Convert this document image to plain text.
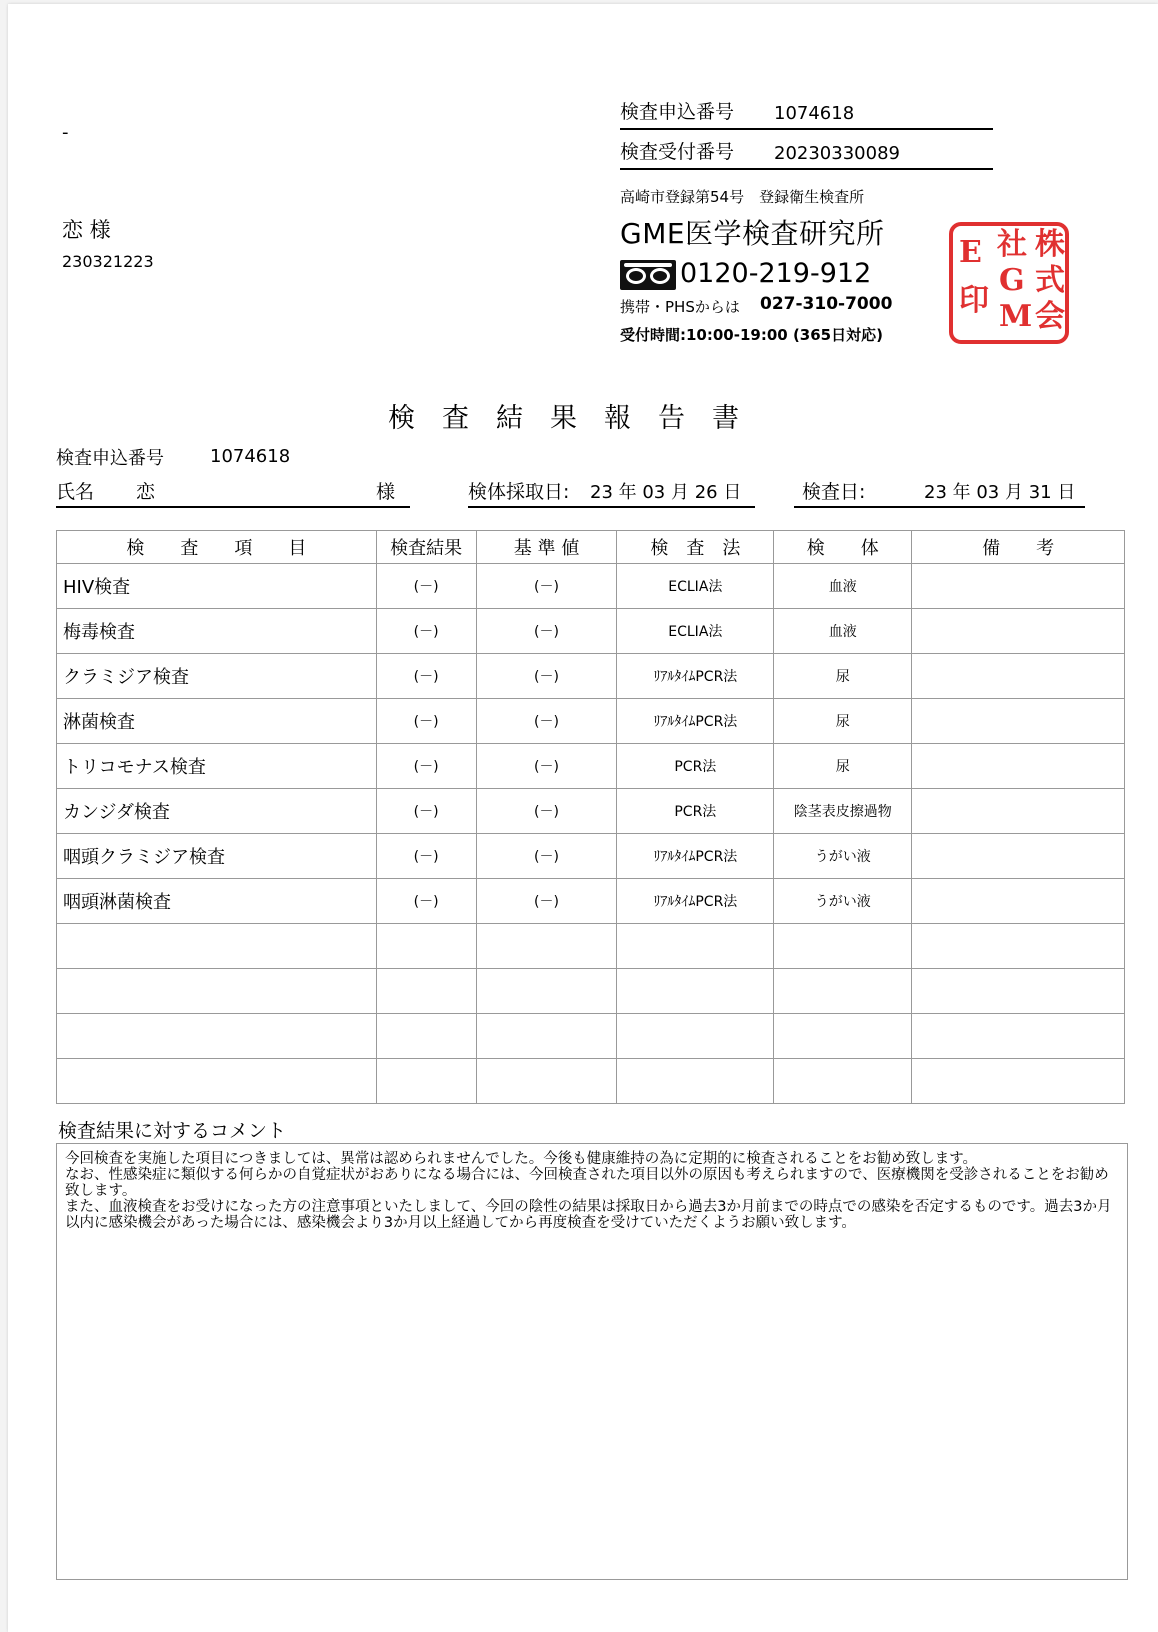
-
恋 様
230321223
検査申込番号 1074618
検査受付番号 20230330089
高崎市登録第54号　登録衛生検査所
GME医学検査研究所
0120-219-912
携帯・PHSからは 027-310-7000
受付時間:10:00-19:00 (365日対応)
株
式
会
社
G
M
E
印
検査結果報告書
検査申込番号	1074618
氏名 恋	様	検体採取日: 23 年 03 月 26 日	検査日:	23 年 03 月 31 日
検　　査　　項　　目	検査結果	基 準 値	検　査　法	検　　体	備　　考
HIV検査	(－)	(－)	ECLIA法	血液	
梅毒検査	(－)	(－)	ECLIA法	血液	
クラミジア検査	(－)	(－)	ﾘｱﾙﾀｲﾑPCR法	尿	
淋菌検査	(－)	(－)	ﾘｱﾙﾀｲﾑPCR法	尿	
トリコモナス検査	(－)	(－)	PCR法	尿	
カンジダ検査	(－)	(－)	PCR法	陰茎表皮擦過物	
咽頭クラミジア検査	(－)	(－)	ﾘｱﾙﾀｲﾑPCR法	うがい液	
咽頭淋菌検査	(－)	(－)	ﾘｱﾙﾀｲﾑPCR法	うがい液	

検査結果に対するコメント

今回検査を実施した項目につきましては、異常は認められませんでした。今後も健康維持の為に定期的に検査されることをお勧め致します。

なお、性感染症に類似する何らかの自覚症状がおありになる場合には、今回検査された項目以外の原因も考えられますので、医療機関を受診されることをお勧め致します。

また、血液検査をお受けになった方の注意事項といたしまして、今回の陰性の結果は採取日から過去3か月前までの時点での感染を否定するものです。過去3か月以内に感染機会があった場合には、感染機会より3か月以上経過してから再度検査を受けていただくようお願い致します。
